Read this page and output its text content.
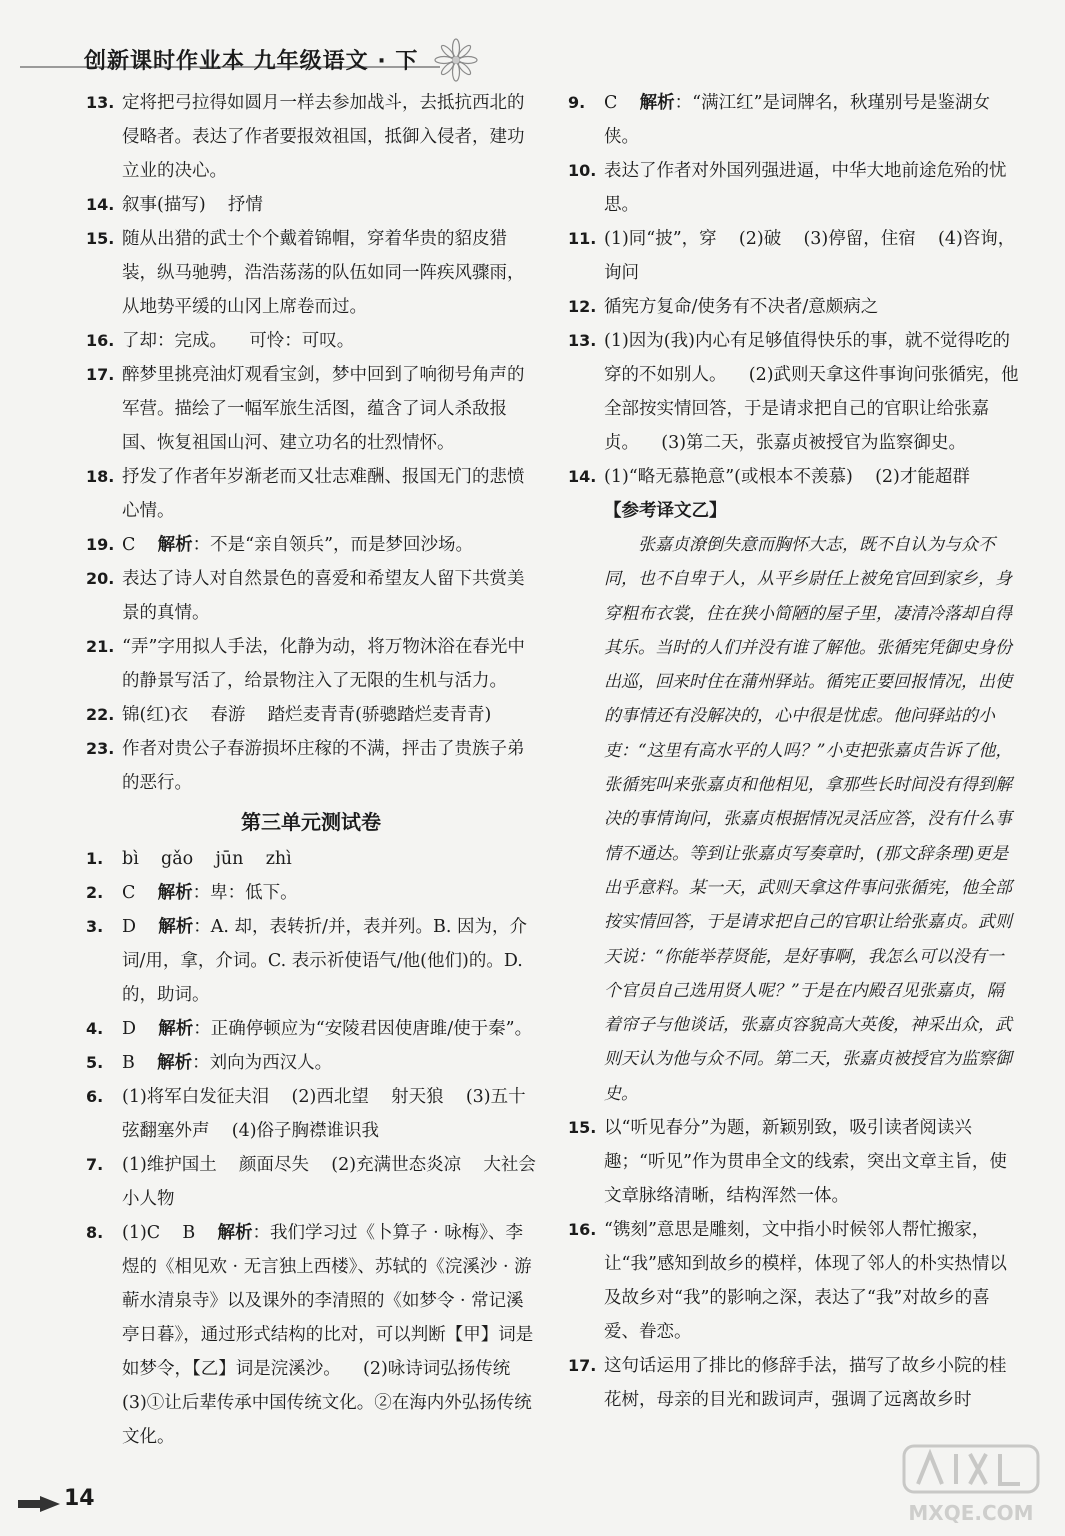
创新课时作业本 九年级语文 · 下
13. 定将把弓拉得如圆月一样去参加战斗，去抵抗西北的侵略者。表达了作者要报效祖国，抵御入侵者，建功立业的决心。
14. 叙事(描写)    抒情
15. 随从出猎的武士个个戴着锦帽，穿着华贵的貂皮猎装，纵马驰骋，浩浩荡荡的队伍如同一阵疾风骤雨，从地势平缓的山冈上席卷而过。
16. 了却：完成。    可怜：可叹。
17. 醉梦里挑亮油灯观看宝剑，梦中回到了响彻号角声的军营。描绘了一幅军旅生活图，蕴含了词人杀敌报国、恢复祖国山河、建立功名的壮烈情怀。
18. 抒发了作者年岁渐老而又壮志难酬、报国无门的悲愤心情。
19. C    解析：不是“亲自领兵”，而是梦回沙场。
20. 表达了诗人对自然景色的喜爱和希望友人留下共赏美景的真情。
21. “弄”字用拟人手法，化静为动，将万物沐浴在春光中的静景写活了，给景物注入了无限的生机与活力。
22. 锦(红)衣    春游    踏烂麦青青(骄骢踏烂麦青青)
23. 作者对贵公子春游损坏庄稼的不满，抨击了贵族子弟的恶行。
第三单元测试卷
1. bì    gǎo    jūn    zhì
2. C    解析：卑：低下。
3. D    解析：A. 却，表转折/并，表并列。B. 因为，介词/用，拿，介词。C. 表示祈使语气/他(他们)的。D. 的，助词。
4. D    解析：正确停顿应为“安陵君因使唐雎/使于秦”。
5. B    解析：刘向为西汉人。
6. (1)将军白发征夫泪    (2)西北望    射天狼    (3)五十弦翻塞外声    (4)俗子胸襟谁识我
7. (1)维护国土    颜面尽失    (2)充满世态炎凉    大社会小人物
8. (1)C    B    解析：我们学习过《卜算子 · 咏梅》、李煜的《相见欢 · 无言独上西楼》、苏轼的《浣溪沙 · 游蕲水清泉寺》以及课外的李清照的《如梦令 · 常记溪亭日暮》，通过形式结构的比对，可以判断【甲】词是如梦令，【乙】词是浣溪沙。    (2)咏诗词弘扬传统    (3)①让后辈传承中国传统文化。②在海内外弘扬传统文化。
9. C    解析：“满江红”是词牌名，秋瑾别号是鉴湖女侠。
10. 表达了作者对外国列强进逼，中华大地前途危殆的忧思。
11. (1)同“披”，穿    (2)破    (3)停留，住宿    (4)咨询，询问
12. 循宪方复命/使务有不决者/意颇病之
13. (1)因为(我)内心有足够值得快乐的事，就不觉得吃的穿的不如别人。    (2)武则天拿这件事询问张循宪，他全部按实情回答，于是请求把自己的官职让给张嘉贞。    (3)第二天，张嘉贞被授官为监察御史。
14. (1)“略无慕艳意”(或根本不羡慕)    (2)才能超群
【参考译文乙】
张嘉贞潦倒失意而胸怀大志，既不自认为与众不同，也不自卑于人，从平乡尉任上被免官回到家乡，身穿粗布衣裳，住在狭小简陋的屋子里，凄清冷落却自得其乐。当时的人们并没有谁了解他。张循宪凭御史身份出巡，回来时住在蒲州驿站。循宪正要回报情况，出使的事情还有没解决的，心中很是忧虑。他问驿站的小吏：“这里有高水平的人吗？”小吏把张嘉贞告诉了他，张循宪叫来张嘉贞和他相见，拿那些长时间没有得到解决的事情询问，张嘉贞根据情况灵活应答，没有什么事情不通达。等到让张嘉贞写奏章时，(那文辞条理)更是出乎意料。某一天，武则天拿这件事问张循宪，他全部按实情回答，于是请求把自己的官职让给张嘉贞。武则天说：“你能举荐贤能，是好事啊，我怎么可以没有一个官员自己选用贤人呢？”于是在内殿召见张嘉贞，隔着帘子与他谈话，张嘉贞容貌高大英俊，神采出众，武则天认为他与众不同。第二天，张嘉贞被授官为监察御史。
15. 以“听见春分”为题，新颖别致，吸引读者阅读兴趣；“听见”作为贯串全文的线索，突出文章主旨，使文章脉络清晰，结构浑然一体。
16. “镌刻”意思是雕刻，文中指小时候邻人帮忙搬家，让“我”感知到故乡的模样，体现了邻人的朴实热情以及故乡对“我”的影响之深，表达了“我”对故乡的喜爱、眷恋。
17. 这句话运用了排比的修辞手法，描写了故乡小院的桂花树，母亲的目光和跋词声，强调了远离故乡时
14
MXQE.COM
